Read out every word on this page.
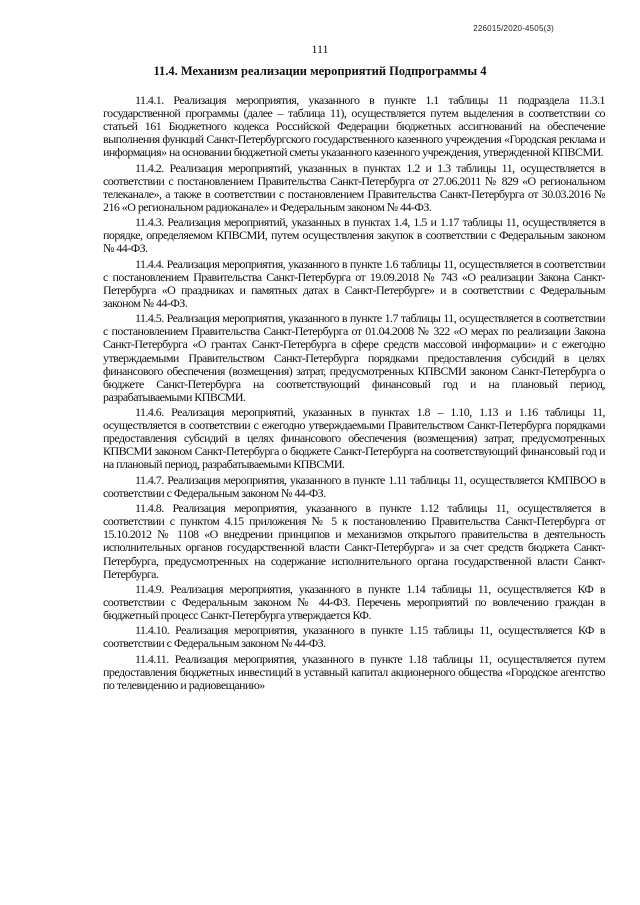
226015/2020-4505(3)
111
11.4. Механизм реализации мероприятий Подпрограммы 4

11.4.1. Реализация мероприятия, указанного в пункте 1.1 таблицы 11 подраздела 11.3.1 государственной программы (далее – таблица 11), осуществляется путем выделения в соответствии со статьей 161 Бюджетного кодекса Российской Федерации бюджетных ассигнований на обеспечение выполнения функций Санкт-Петербургского государственного казенного учреждения «Городская реклама и информация» на основании бюджетной сметы указанного казенного учреждения, утвержденной КПВСМИ.

11.4.2. Реализация мероприятий, указанных в пунктах 1.2 и 1.3 таблицы 11, осуществляется в соответствии с постановлением Правительства Санкт-Петербурга от 27.06.2011 № 829 «О региональном телеканале», а также в соответствии с постановлением Правительства Санкт-Петербурга от 30.03.2016 № 216 «О региональном радиоканале» и Федеральным законом № 44-ФЗ.

11.4.3. Реализация мероприятий, указанных в пунктах 1.4, 1.5 и 1.17 таблицы 11, осуществляется в порядке, определяемом КПВСМИ, путем осуществления закупок в соответствии с Федеральным законом № 44-ФЗ.

11.4.4. Реализация мероприятия, указанного в пункте 1.6 таблицы 11, осуществляется в соответствии с постановлением Правительства Санкт-Петербурга от 19.09.2018 № 743 «О реализации Закона Санкт-Петербурга «О праздниках и памятных датах в Санкт-Петербурге» и в соответствии с Федеральным законом № 44-ФЗ.

11.4.5. Реализация мероприятия, указанного в пункте 1.7 таблицы 11, осуществляется в соответствии с постановлением Правительства Санкт-Петербурга от 01.04.2008 № 322 «О мерах по реализации Закона Санкт-Петербурга «О грантах Санкт-Петербурга в сфере средств массовой информации» и с ежегодно утверждаемыми Правительством Санкт-Петербурга порядками предоставления субсидий в целях финансового обеспечения (возмещения) затрат, предусмотренных КПВСМИ законом Санкт-Петербурга о бюджете Санкт-Петербурга на соответствующий финансовый год и на плановый период, разрабатываемыми КПВСМИ.

11.4.6. Реализация мероприятий, указанных в пунктах 1.8 – 1.10, 1.13 и 1.16 таблицы 11, осуществляется в соответствии с ежегодно утверждаемыми Правительством Санкт-Петербурга порядками предоставления субсидий в целях финансового обеспечения (возмещения) затрат, предусмотренных КПВСМИ законом Санкт-Петербурга о бюджете Санкт-Петербурга на соответствующий финансовый год и на плановый период, разрабатываемыми КПВСМИ.

11.4.7. Реализация мероприятия, указанного в пункте 1.11 таблицы 11, осуществляется КМПВОО в соответствии с Федеральным законом № 44-ФЗ.

11.4.8. Реализация мероприятия, указанного в пункте 1.12 таблицы 11, осуществляется в соответствии с пунктом 4.15 приложения № 5 к постановлению Правительства Санкт-Петербурга от 15.10.2012 № 1108 «О внедрении принципов и механизмов открытого правительства в деятельность исполнительных органов государственной власти Санкт-Петербурга» и за счет средств бюджета Санкт-Петербурга, предусмотренных на содержание исполнительного органа государственной власти Санкт-Петербурга.

11.4.9. Реализация мероприятия, указанного в пункте 1.14 таблицы 11, осуществляется КФ в соответствии с Федеральным законом № 44-ФЗ. Перечень мероприятий по вовлечению граждан в бюджетный процесс Санкт-Петербурга утверждается КФ.

11.4.10. Реализация мероприятия, указанного в пункте 1.15 таблицы 11, осуществляется КФ в соответствии с Федеральным законом № 44-ФЗ.

11.4.11. Реализация мероприятия, указанного в пункте 1.18 таблицы 11, осуществляется путем предоставления бюджетных инвестиций в уставный капитал акционерного общества «Городское агентство по телевидению и радиовещанию»
